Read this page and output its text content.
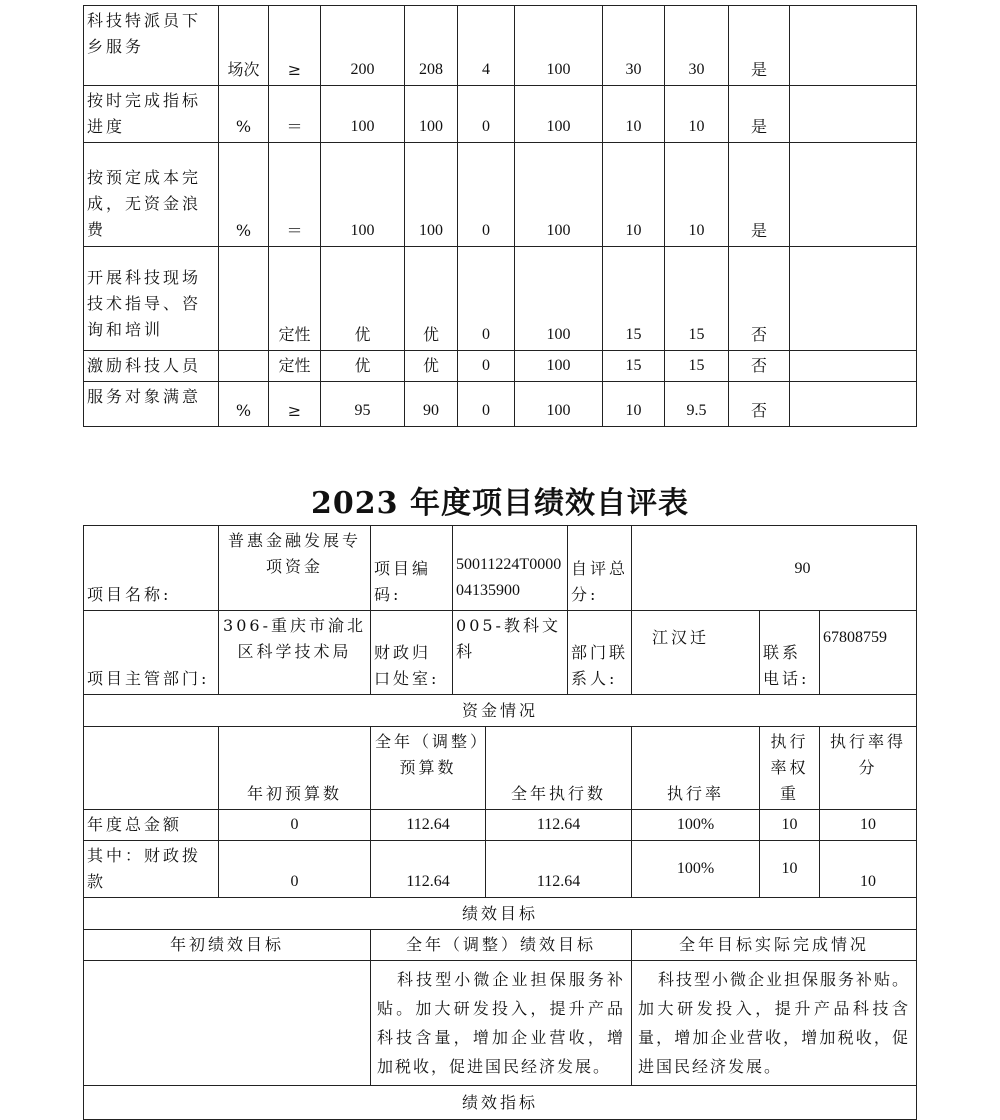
科技特派员下乡服务	场次	≥	200	208	4	100	30	30	是	
按时完成指标进度	%	＝	100	100	0	100	10	10	是	
按预定成本完成，无资金浪费	%	＝	100	100	0	100	10	10	是	
开展科技现场技术指导、咨询和培训		定性	优	优	0	100	15	15	否	
激励科技人员		定性	优	优	0	100	15	15	否	
服务对象满意	%	≥	95	90	0	100	10	9.5	否	
2023 年度项目绩效自评表
项目名称:	普惠金融发展专项资金	项目编码:	50011224T000004135900		自评总分:	90		
项目主管部门:	306-重庆市渝北区科学技术局	财政归口处室:	005-教科文科		部门联系人:	江汉迁	联系电话:	67808759
资金情况								
	年初预算数	全年（调整）预算数		全年执行数		执行率	执行率权重	执行率得分
年度总金额	0	112.64		112.64		100%	10	10
其中：财政拨款	0	112.64		112.64		100%	10	10
绩效目标								
年初绩效目标		全年（调整）绩效目标				全年目标实际完成情况		
		科技型小微企业担保服务补贴。加大研发投入，提升产品科技含量，增加企业营收，增加税收，促进国民经济发展。				科技型小微企业担保服务补贴。加大研发投入，提升产品科技含量，增加企业营收，增加税收，促进国民经济发展。		
绩效指标								
